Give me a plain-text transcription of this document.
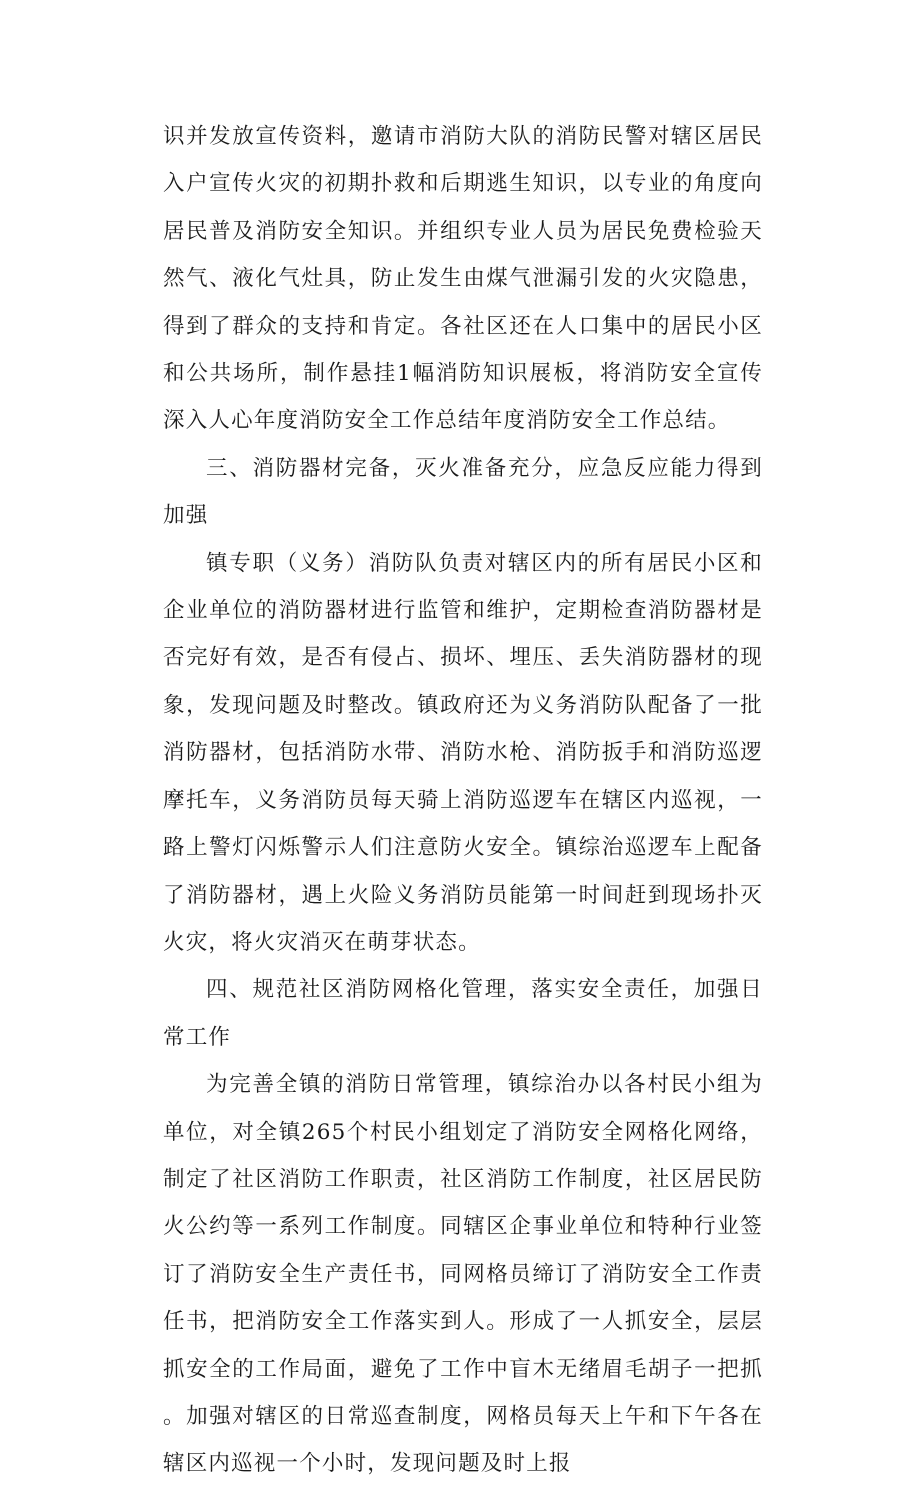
识并发放宣传资料，邀请市消防大队的消防民警对辖区居民入户宣传火灾的初期扑救和后期逃生知识，以专业的角度向居民普及消防安全知识。并组织专业人员为居民免费检验天然气、液化气灶具，防止发生由煤气泄漏引发的火灾隐患，得到了群众的支持和肯定。各社区还在人口集中的居民小区和公共场所，制作悬挂1幅消防知识展板，将消防安全宣传深入人心年度消防安全工作总结年度消防安全工作总结。

三、消防器材完备，灭火准备充分，应急反应能力得到加强

镇专职（义务）消防队负责对辖区内的所有居民小区和企业单位的消防器材进行监管和维护，定期检查消防器材是否完好有效，是否有侵占、损坏、埋压、丢失消防器材的现象，发现问题及时整改。镇政府还为义务消防队配备了一批消防器材，包括消防水带、消防水枪、消防扳手和消防巡逻摩托车，义务消防员每天骑上消防巡逻车在辖区内巡视，一路上警灯闪烁警示人们注意防火安全。镇综治巡逻车上配备了消防器材，遇上火险义务消防员能第一时间赶到现场扑灭火灾，将火灾消灭在萌芽状态。

四、规范社区消防网格化管理，落实安全责任，加强日常工作

为完善全镇的消防日常管理，镇综治办以各村民小组为单位，对全镇265个村民小组划定了消防安全网格化网络，制定了社区消防工作职责，社区消防工作制度，社区居民防火公约等一系列工作制度。同辖区企事业单位和特种行业签订了消防安全生产责任书，同网格员缔订了消防安全工作责任书，把消防安全工作落实到人。形成了一人抓安全，层层抓安全的工作局面，避免了工作中盲木无绪眉毛胡子一把抓。加强对辖区的日常巡查制度，网格员每天上午和下午各在辖区内巡视一个小时，发现问题及时上报
